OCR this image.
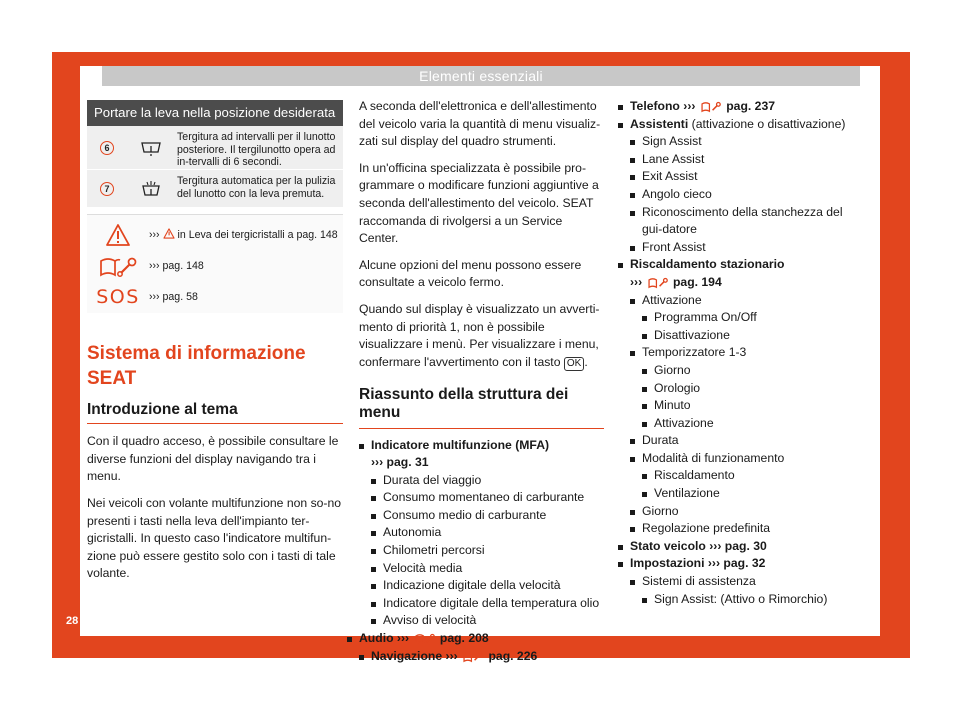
Elementi essenziali
28
Portare la leva nella posizione desiderata
6
Tergitura ad intervalli per il lunotto posteriore. Il tergilunotto opera ad in-tervalli di 6 secondi.
7
Tergitura automatica per la pulizia del lunotto con la leva premuta.
››› in Leva dei tergicristalli a pag. 148
››› pag. 148
SOS ››› pag. 58
Sistema di informazione SEAT
Introduzione al tema

Con il quadro acceso, è possibile consultare le diverse funzioni del display navigando tra i menu.

Nei veicoli con volante multifunzione non so-no presenti i tasti nella leva dell'impianto ter-gicristalli. In questo caso l'indicatore multifun-zione può essere gestito solo con i tasti di tale volante.

A seconda dell'elettronica e dell'allestimento del veicolo varia la quantità di menu visualiz-zati sul display del quadro strumenti.

In un'officina specializzata è possibile pro-grammare o modificare funzioni aggiuntive a seconda dell'allestimento del veicolo. SEAT raccomanda di rivolgersi a un Service Center.

Alcune opzioni del menu possono essere consultate a veicolo fermo.

Quando sul display è visualizzato un avverti-mento di priorità 1, non è possibile visualizzare i menù. Per visualizzare i menu, confermare l'avvertimento con il tasto OK .

Riassunto della struttura dei menu
Indicatore multifunzione (MFA)
››› pag. 31
Durata del viaggio
Consumo momentaneo di carburante
Consumo medio di carburante
Autonomia
Chilometri percorsi
Velocità media
Indicazione digitale della velocità
Indicatore digitale della temperatura olio
Avviso di velocità
Audio ›››	pag. 208
Navigazione ›››	pag. 226
Telefono ›››	pag. 237
Assistenti (attivazione o disattivazione)
Sign Assist
Lane Assist
Exit Assist
Angolo cieco
Riconoscimento della stanchezza del gui-datore
Front Assist
Riscaldamento stazionario
›››	pag. 194
Attivazione
Programma On/Off
Disattivazione
Temporizzatore 1-3
Giorno
Orologio
Minuto
Attivazione
Durata
Modalità di funzionamento
Riscaldamento
Ventilazione
Giorno
Regolazione predefinita
Stato veicolo ››› pag. 30
Impostazioni ››› pag. 32
Sistemi di assistenza
Sign Assist: (Attivo o Rimorchio)
